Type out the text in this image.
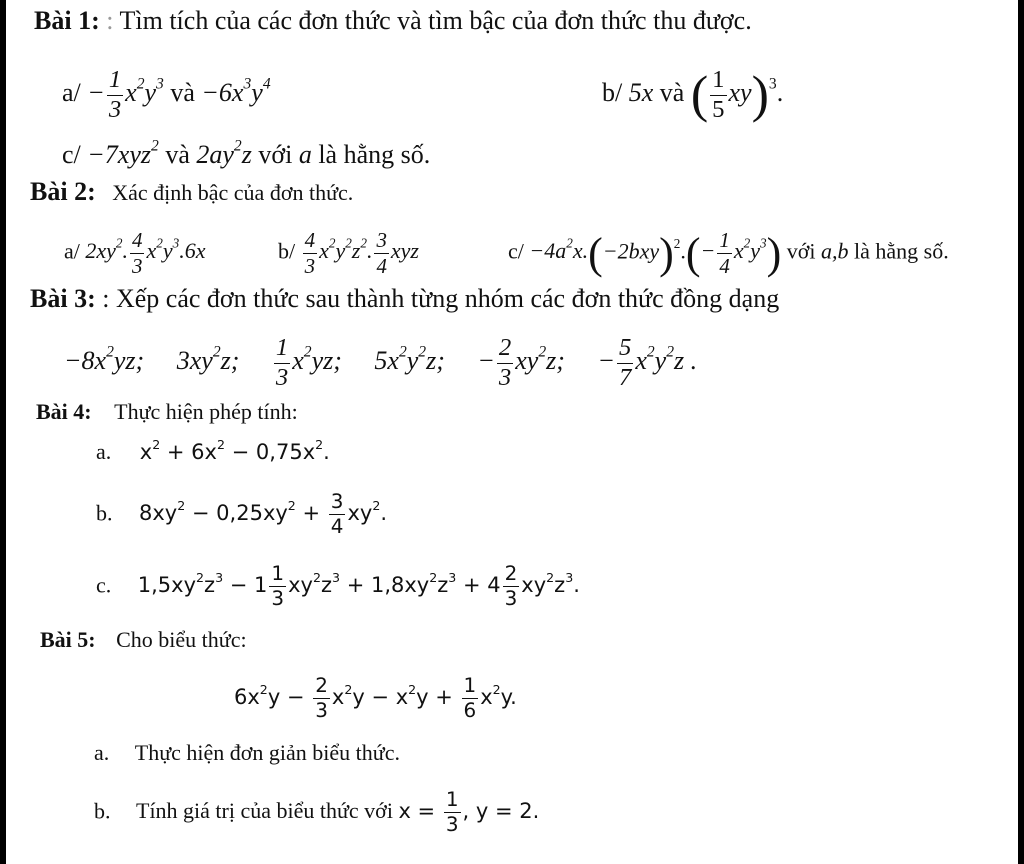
Bài 1: : Tìm tích của các đơn thức và tìm bậc của đơn thức thu được.
$a/ - \frac{1}{3} x^2y^3$ và $-6x^3y^4$	b/ 5x và ( $\frac{1}{5} xy)^3$.
c/ −7xyz$^2$ và $2ay^2z$ với a là hằng số.
Bài 2: Xác định bậc của đơn thức.
a/ $2xy^2$. $\frac{4}{3} x^2y^3.6x$	$b/ \frac{4}{3} x^2y^2z^2$. $\frac{3}{4}$ xyz	$c/ -4a^2x.(-2bxy)^2.(- \frac{1}{4} x^2y^3)$ với a,b là hằng số.
Bài 3: : Xếp các đơn thức sau thành từng nhóm các đơn thức đồng dạng
$-8x^2yz$; $3xy^2z$; $\frac{1}{3} x^2yz$; $5x^2y^2z$; − $\frac{2}{3} xy^2z$; − $\frac{5}{7} x^2y^2z$ .
Bài 4: Thực hiện phép tính:
a. $x^2 + 6x^2 - 0,75x^2$.
b. $8xy^2 - 0,25xy^2 + \frac{3}{4} xy^2$.
c. $1,5xy^2z^3 - 1 \frac{1}{3} xy^2z^3 + 1,8xy^2z^3 + 4 \frac{2}{3} xy^2z^3$.
Bài 5: Cho biểu thức:
$6x^2y - \frac{2}{3} x^2y - x^2y + \frac{1}{6} x^2y$.
a. Thực hiện đơn giản biểu thức.
b. Tính giá trị của biểu thức với $x = \frac{1}{3}$ , y = 2.
